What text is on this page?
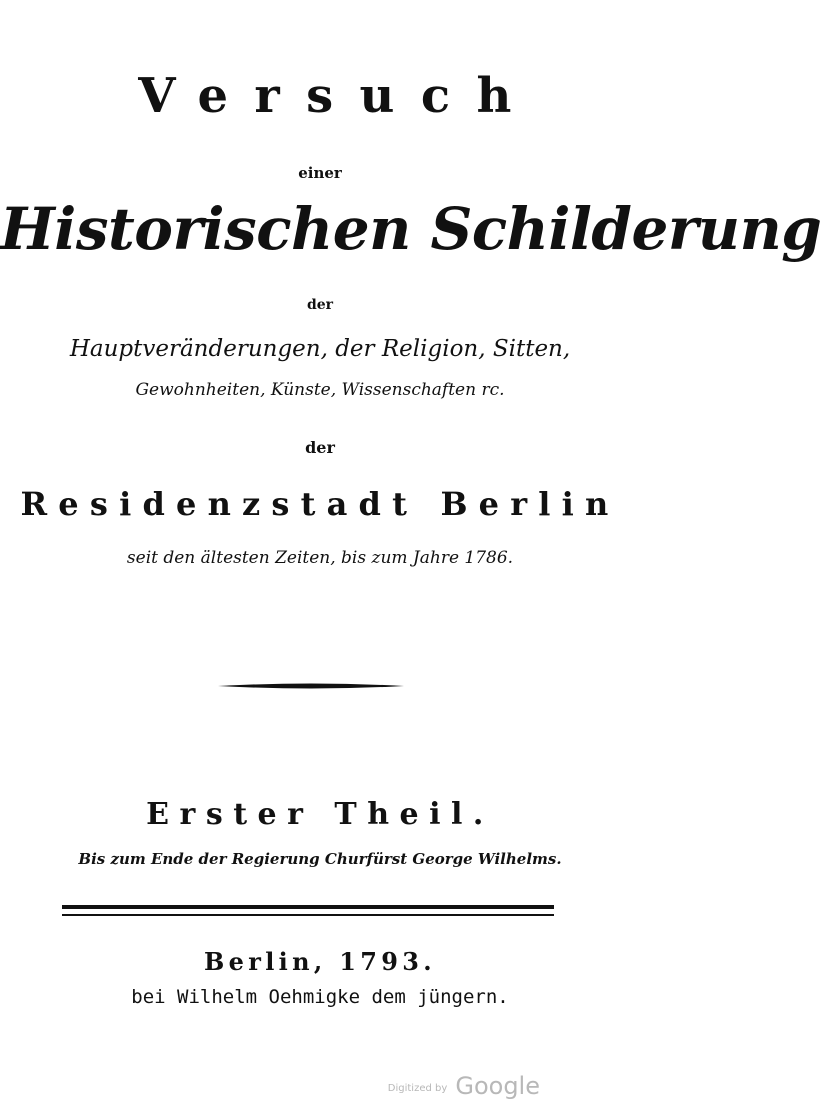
Versuch
einer
Historischen Schilderung
der
Hauptveränderungen, der Religion, Sitten,
Gewohnheiten, Künste, Wissenschaften rc.
der
Residenzstadt Berlin
seit den ältesten Zeiten, bis zum Jahre 1786.
Erster Theil.
Bis zum Ende der Regierung Churfürst George Wilhelms.
Berlin, 1793.
bei Wilhelm Oehmigke dem jüngern.
Digitized by Google
